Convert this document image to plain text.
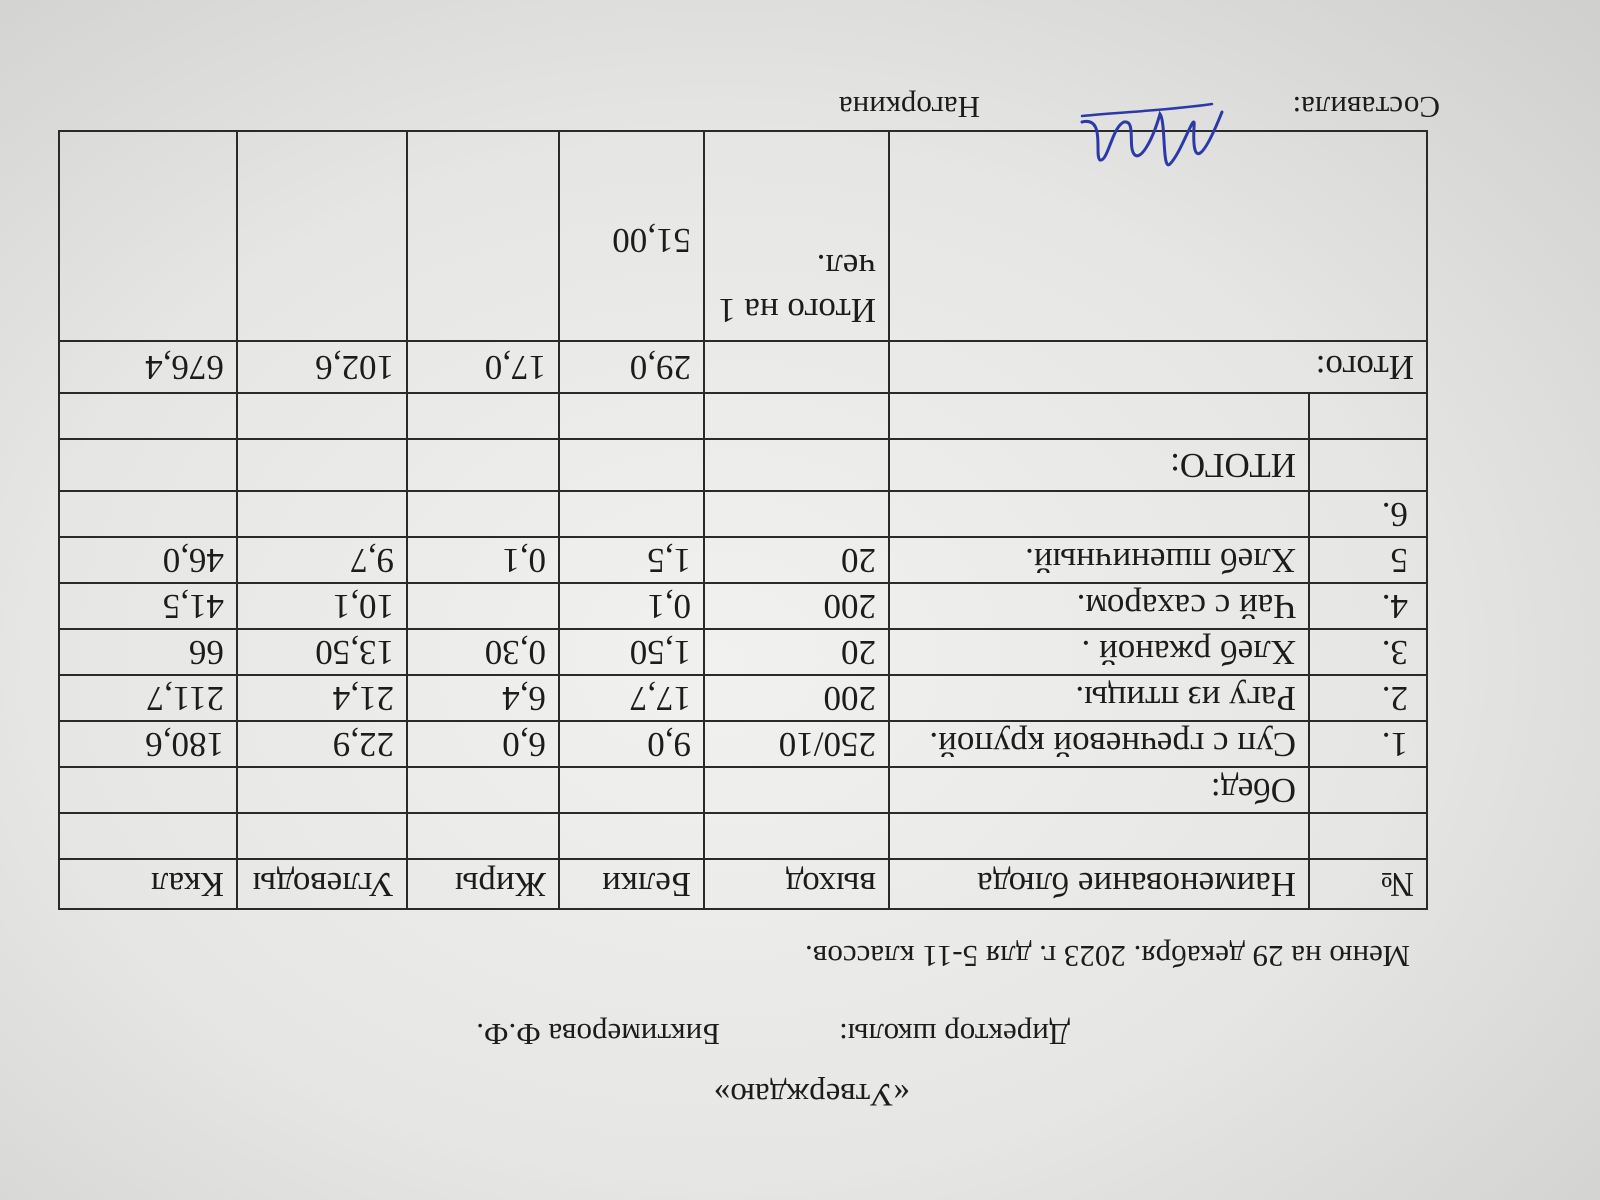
«Утверждаю»
Директор школы:
Биктимерова Ф.Ф.
Меню на 29 декабря. 2023 г. для 5-11 классов.
№	Наименование блюда	выход	Белки	Жиры	Углеводы	Ккал

	Обед:					
1.	Суп с гречневой крупой.	250/10	9,0	6,0	22,9	180,6
2.	Рагу из птицы.	200	17,7	6,4	21,4	211,7
3.	Хлеб ржаной .	20	1,50	0,30	13,50	66
4.	Чай с сахаром.	200	0,1		10,1	41,5
5	Хлеб пшеничный.	20	1,5	0,1	9,7	46,0
6.						
	ИТОГО:					

Итого:			29,0	17,0	102,6	676,4
		Итого на 1 чел.	51,00			
Составила:
Нагоркина
